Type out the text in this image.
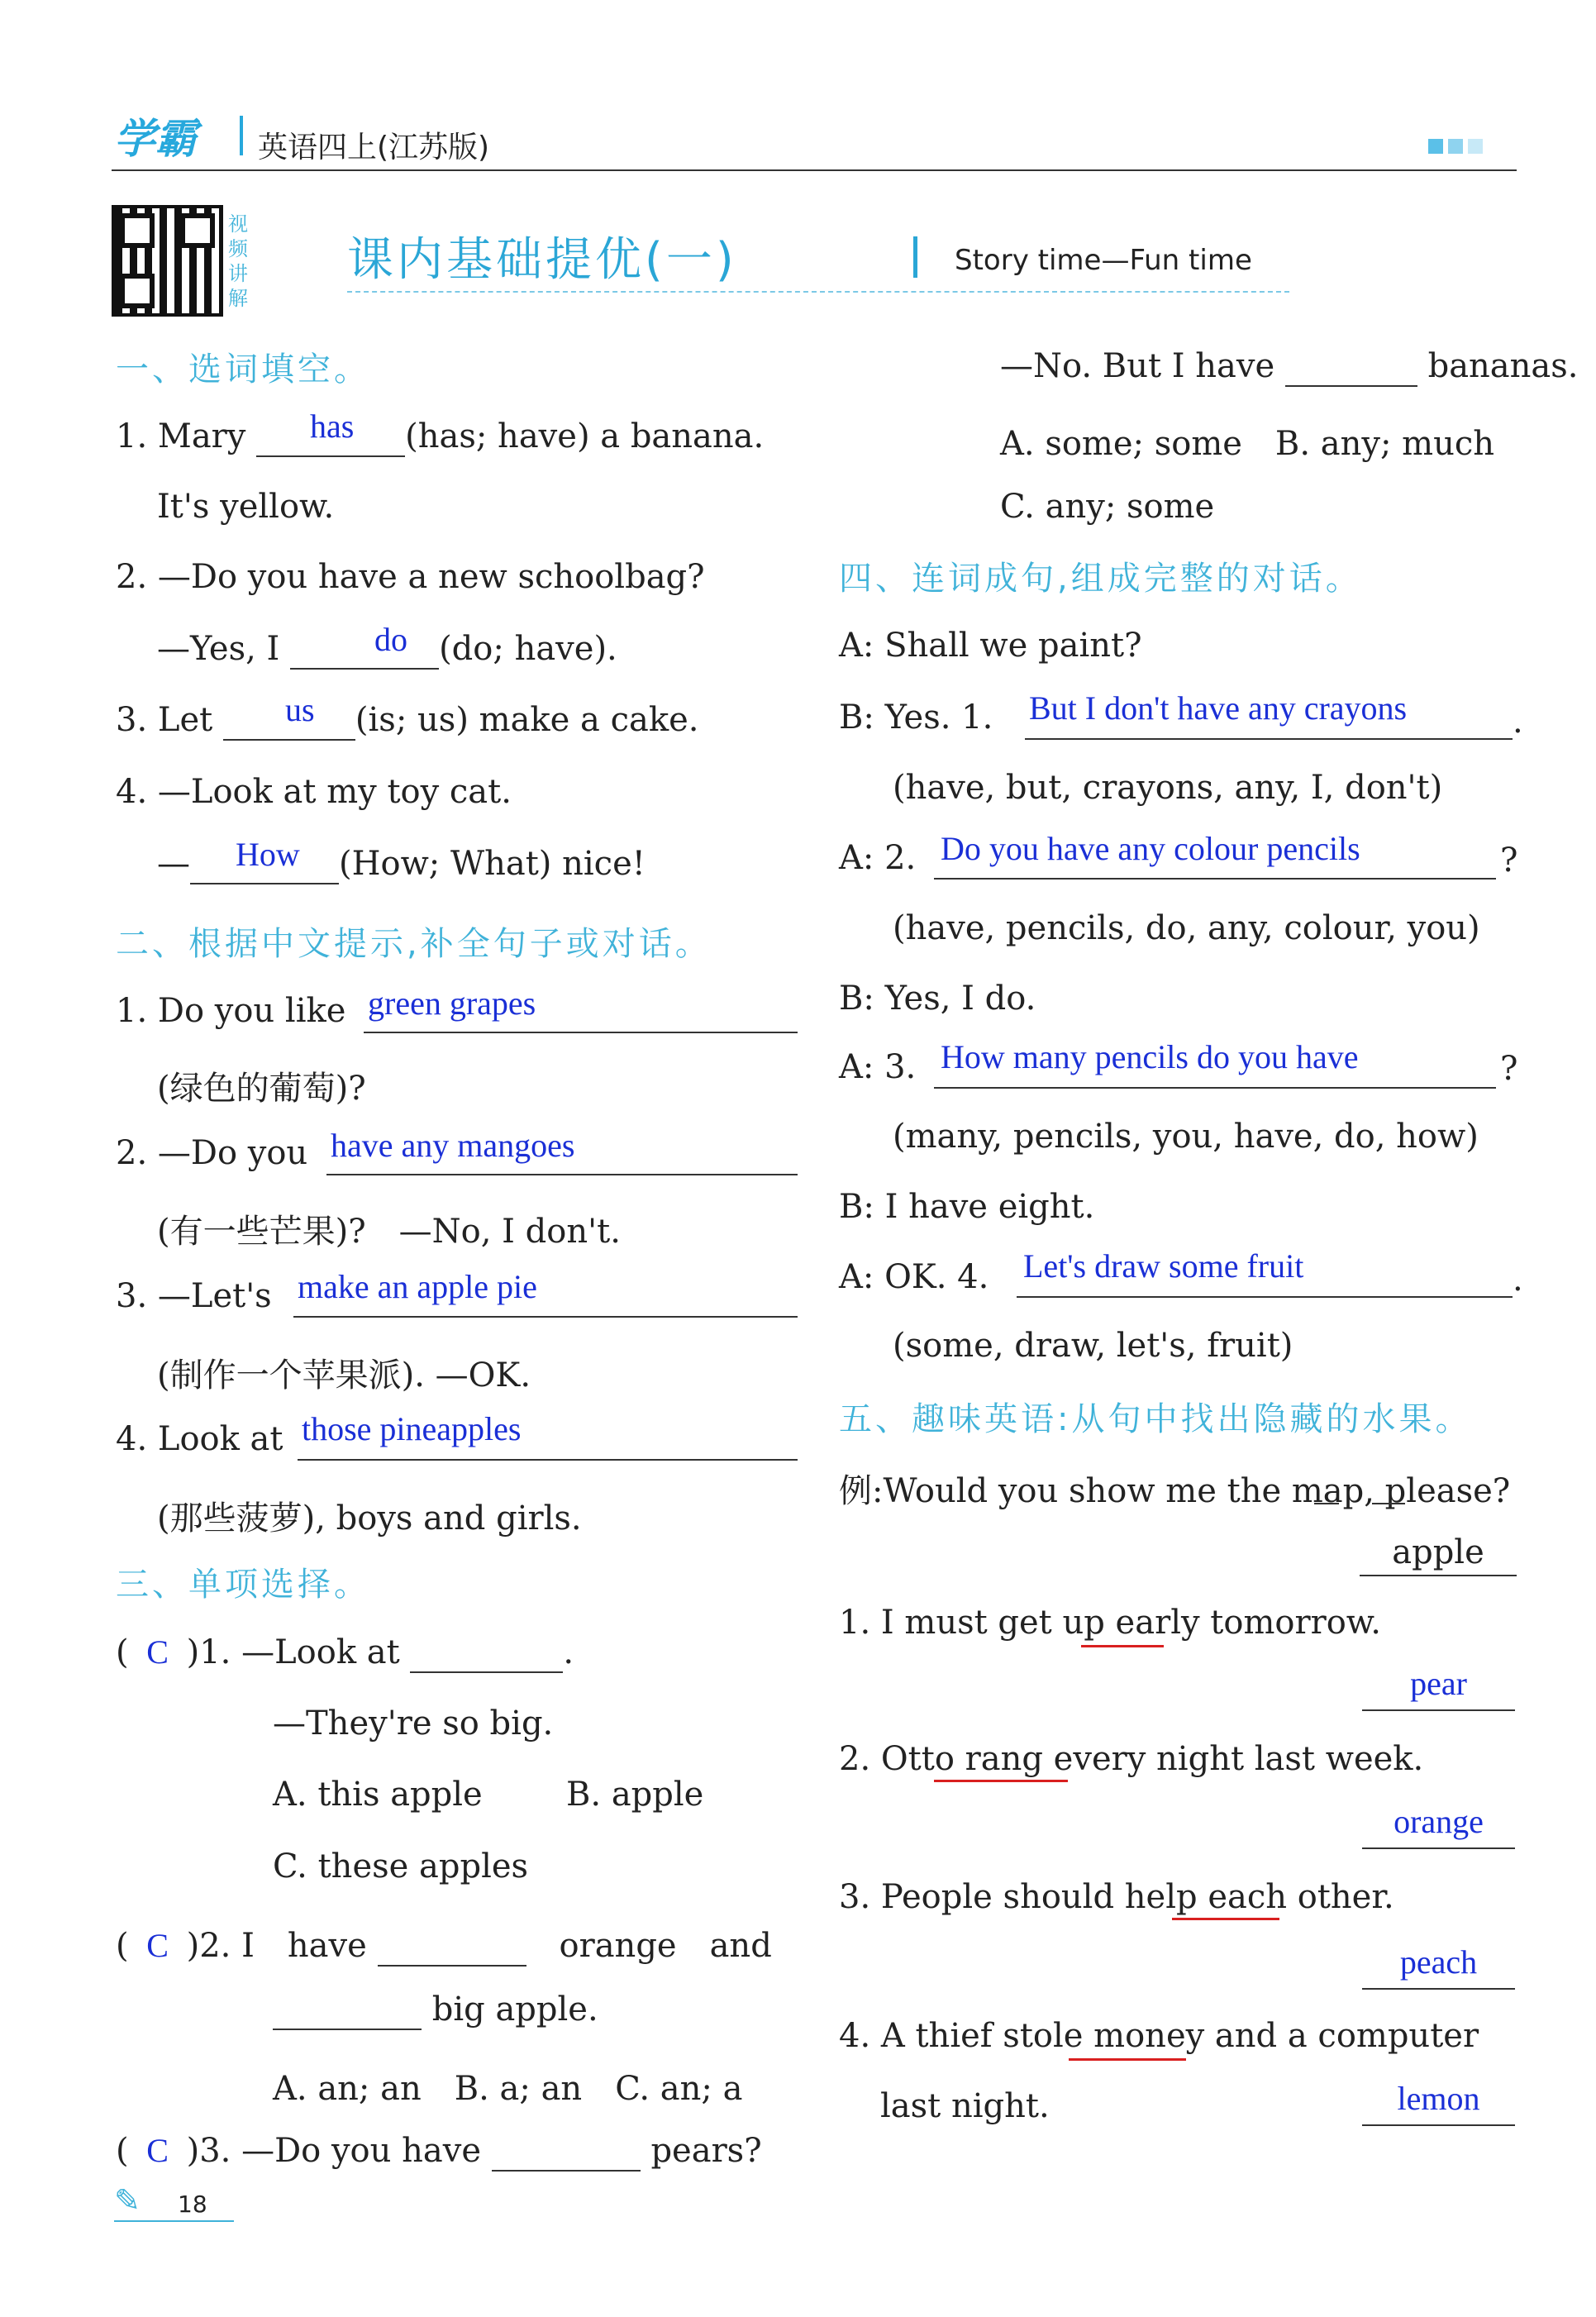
学霸 英语四上(江苏版)
视频讲解
课内基础提优(一)	Story time—Fun time
一、选词填空。
1. Mary	(has; have) a banana.
has
It's yellow.
2. —Do you have a new schoolbag?
—Yes, I	(do; have).
do
3. Let	(is; us) make a cake.
us
4. —Look at my toy cat.
—	(How; What) nice!
How
二、根据中文提示,补全句子或对话。
1. Do you like green grapes
(绿色的葡萄)?
2. —Do you have any mangoes
(有一些芒果)?　—No, I don't.
3. —Let's make an apple pie
(制作一个苹果派). —OK.
4. Look at those pineapples
(那些菠萝), boys and girls.
三、单项选择。
( C )1. —Look at	.
—They're so big.
A. this apple	B. apple
C. these apples
( C )2. I　have  　	orange　and
big apple.
A. an; an　B. a; an　C. an; a
( C )3. —Do you have	pears?
—No. But I have	bananas.
A. some; some　B. any; much
C. any; some
四、连词成句,组成完整的对话。
A: Shall we paint?
B: Yes. 1. But I don't have any crayons	.
(have, but, crayons, any, I, don't)
A: 2. Do you have any colour pencils	?
(have, pencils, do, any, colour, you)
B: Yes, I do.
A: 3. How many pencils do you have	?
(many, pencils, you, have, do, how)
B: I have eight.
A: OK. 4. Let's draw some fruit	.
(some, draw, let's, fruit)
五、趣味英语:从句中找出隐藏的水果。
例:Would you show me the map, please?
apple
1. I must get up early tomorrow.
pear
2. Otto rang every night last week.
orange
3. People should help each other.
peach
4. A thief stole money and a computer
last night.	lemon
✎ 18
